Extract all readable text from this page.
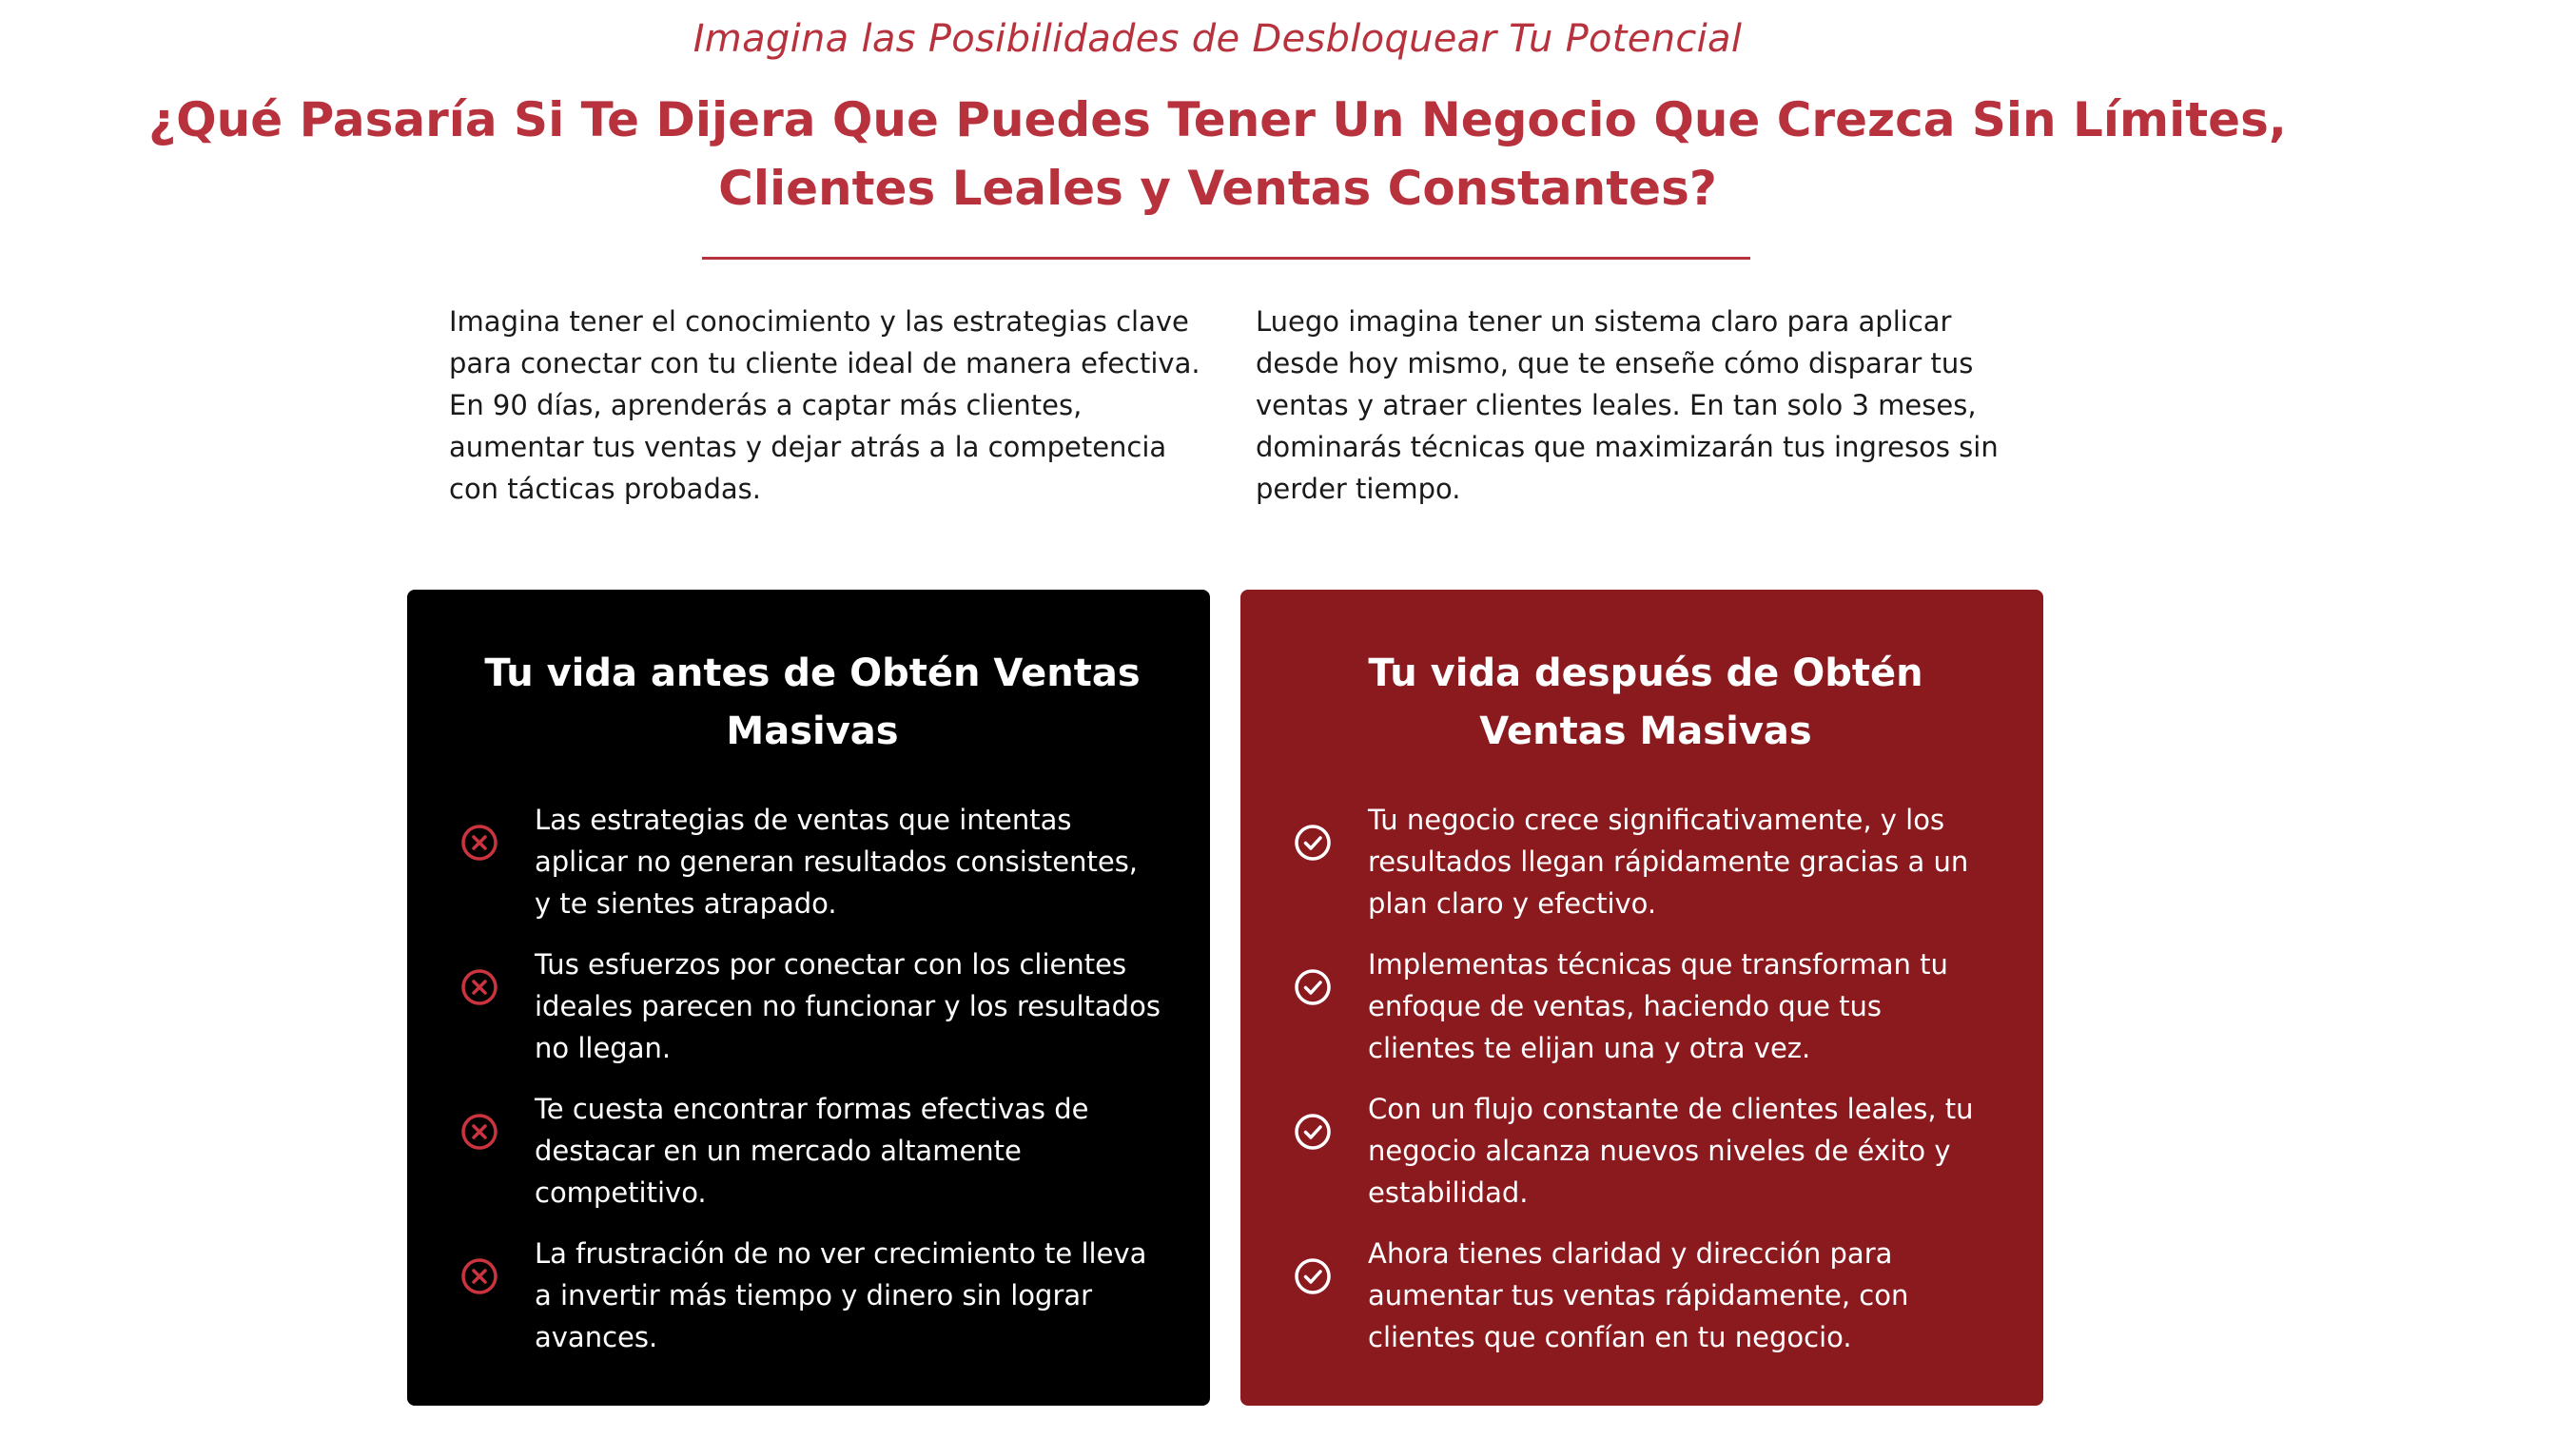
Imagina las Posibilidades de Desbloquear Tu Potencial
¿Qué Pasaría Si Te Dijera Que Puedes Tener Un Negocio Que Crezca Sin Límites, Clientes Leales y Ventas Constantes?

Imagina tener el conocimiento y las estrategias clave para conectar con tu cliente ideal de manera efectiva. En 90 días, aprenderás a captar más clientes, aumentar tus ventas y dejar atrás a la competencia con tácticas probadas.

Luego imagina tener un sistema claro para aplicar desde hoy mismo, que te enseñe cómo disparar tus ventas y atraer clientes leales. En tan solo 3 meses, dominarás técnicas que maximizarán tus ingresos sin perder tiempo.

Tu vida antes de Obtén Ventas Masivas
Las estrategias de ventas que intentas aplicar no generan resultados consistentes, y te sientes atrapado.
Tus esfuerzos por conectar con los clientes ideales parecen no funcionar y los resultados no llegan.
Te cuesta encontrar formas efectivas de destacar en un mercado altamente competitivo.
La frustración de no ver crecimiento te lleva a invertir más tiempo y dinero sin lograr avances.
Tu vida después de Obtén Ventas Masivas
Tu negocio crece significativamente, y los resultados llegan rápidamente gracias a un plan claro y efectivo.
Implementas técnicas que transforman tu enfoque de ventas, haciendo que tus clientes te elijan una y otra vez.
Con un flujo constante de clientes leales, tu negocio alcanza nuevos niveles de éxito y estabilidad.
Ahora tienes claridad y dirección para aumentar tus ventas rápidamente, con clientes que confían en tu negocio.
